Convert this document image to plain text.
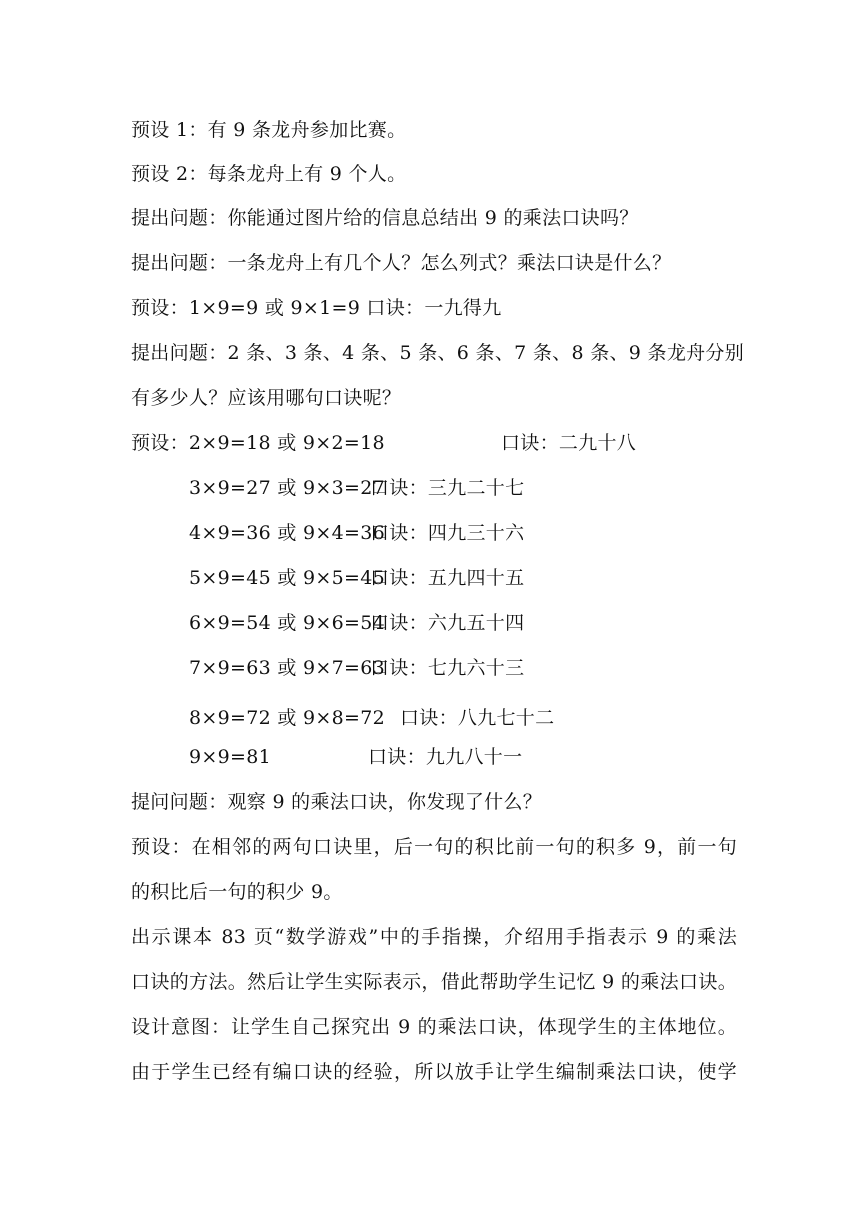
预设 1：有 9 条龙舟参加比赛。
预设 2：每条龙舟上有 9 个人。
提出问题：你能通过图片给的信息总结出 9 的乘法口诀吗？
提出问题：一条龙舟上有几个人？怎么列式？乘法口诀是什么？
预设：1×9=9 或 9×1=9 口诀：一九得九
提出问题：2 条、3 条、4 条、5 条、6 条、7 条、8 条、9 条龙舟分别
有多少人？应该用哪句口诀呢？
预设：2×9=18 或 9×2=18	口诀：二九十八
3×9=27 或 9×3=27
口诀：三九二十七
4×9=36 或 9×4=36
口诀：四九三十六
5×9=45 或 9×5=45
口诀：五九四十五
6×9=54 或 9×6=54
口诀：六九五十四
7×9=63 或 9×7=63
口诀：七九六十三
8×9=72 或 9×8=72 口诀：八九七十二
9×9=81	口诀：九九八十一
提问问题：观察 9 的乘法口诀，你发现了什么？
预设：在相邻的两句口诀里，后一句的积比前一句的积多 9，前一句
的积比后一句的积少 9。
出示课本 83 页“数学游戏”中的手指操，介绍用手指表示 9 的乘法
口诀的方法。然后让学生实际表示，借此帮助学生记忆 9 的乘法口诀。
设计意图：让学生自己探究出 9 的乘法口诀，体现学生的主体地位。
由于学生已经有编口诀的经验，所以放手让学生编制乘法口诀，使学
